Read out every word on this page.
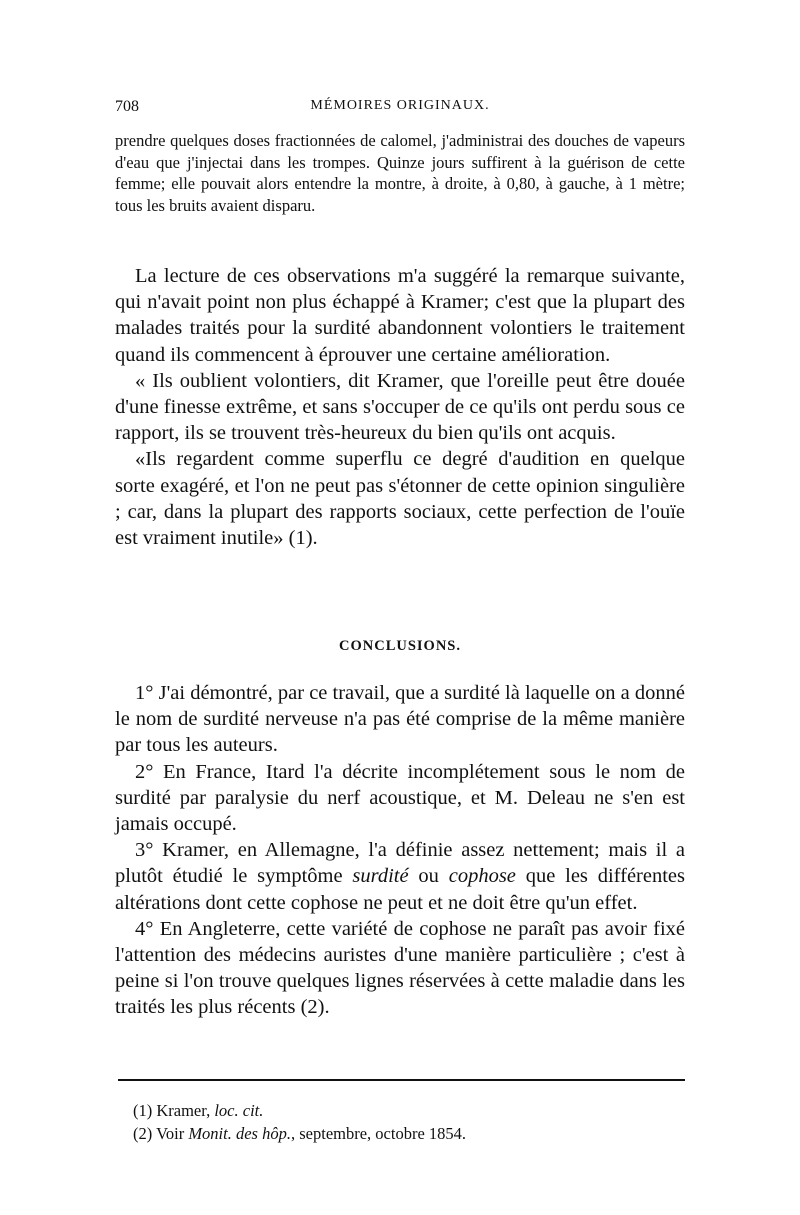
708	MÉMOIRES ORIGINAUX.

prendre quelques doses fractionnées de calomel, j'administrai des douches de vapeurs d'eau que j'injectai dans les trompes. Quinze jours suffirent à la guérison de cette femme; elle pouvait alors entendre la montre, à droite, à 0,80, à gauche, à 1 mètre; tous les bruits avaient disparu.

La lecture de ces observations m'a suggéré la remarque suivante, qui n'avait point non plus échappé à Kramer; c'est que la plupart des malades traités pour la surdité abandonnent volontiers le traitement quand ils commencent à éprouver une certaine amélioration.

« Ils oublient volontiers, dit Kramer, que l'oreille peut être douée d'une finesse extrême, et sans s'occuper de ce qu'ils ont perdu sous ce rapport, ils se trouvent très-heureux du bien qu'ils ont acquis.

«Ils regardent comme superflu ce degré d'audition en quelque sorte exagéré, et l'on ne peut pas s'étonner de cette opinion singulière ; car, dans la plupart des rapports sociaux, cette perfection de l'ouïe est vraiment inutile» (1).

CONCLUSIONS.

1° J'ai démontré, par ce travail, que a surdité là laquelle on a donné le nom de surdité nerveuse n'a pas été comprise de la même manière par tous les auteurs.

2° En France, Itard l'a décrite incomplétement sous le nom de surdité par paralysie du nerf acoustique, et M. Deleau ne s'en est jamais occupé.

3° Kramer, en Allemagne, l'a définie assez nettement; mais il a plutôt étudié le symptôme surdité ou cophose que les différentes altérations dont cette cophose ne peut et ne doit être qu'un effet.

4° En Angleterre, cette variété de cophose ne paraît pas avoir fixé l'attention des médecins auristes d'une manière particulière ; c'est à peine si l'on trouve quelques lignes réservées à cette maladie dans les traités les plus récents (2).

(1) Kramer, loc. cit.
(2) Voir Monit. des hôp., septembre, octobre 1854.
